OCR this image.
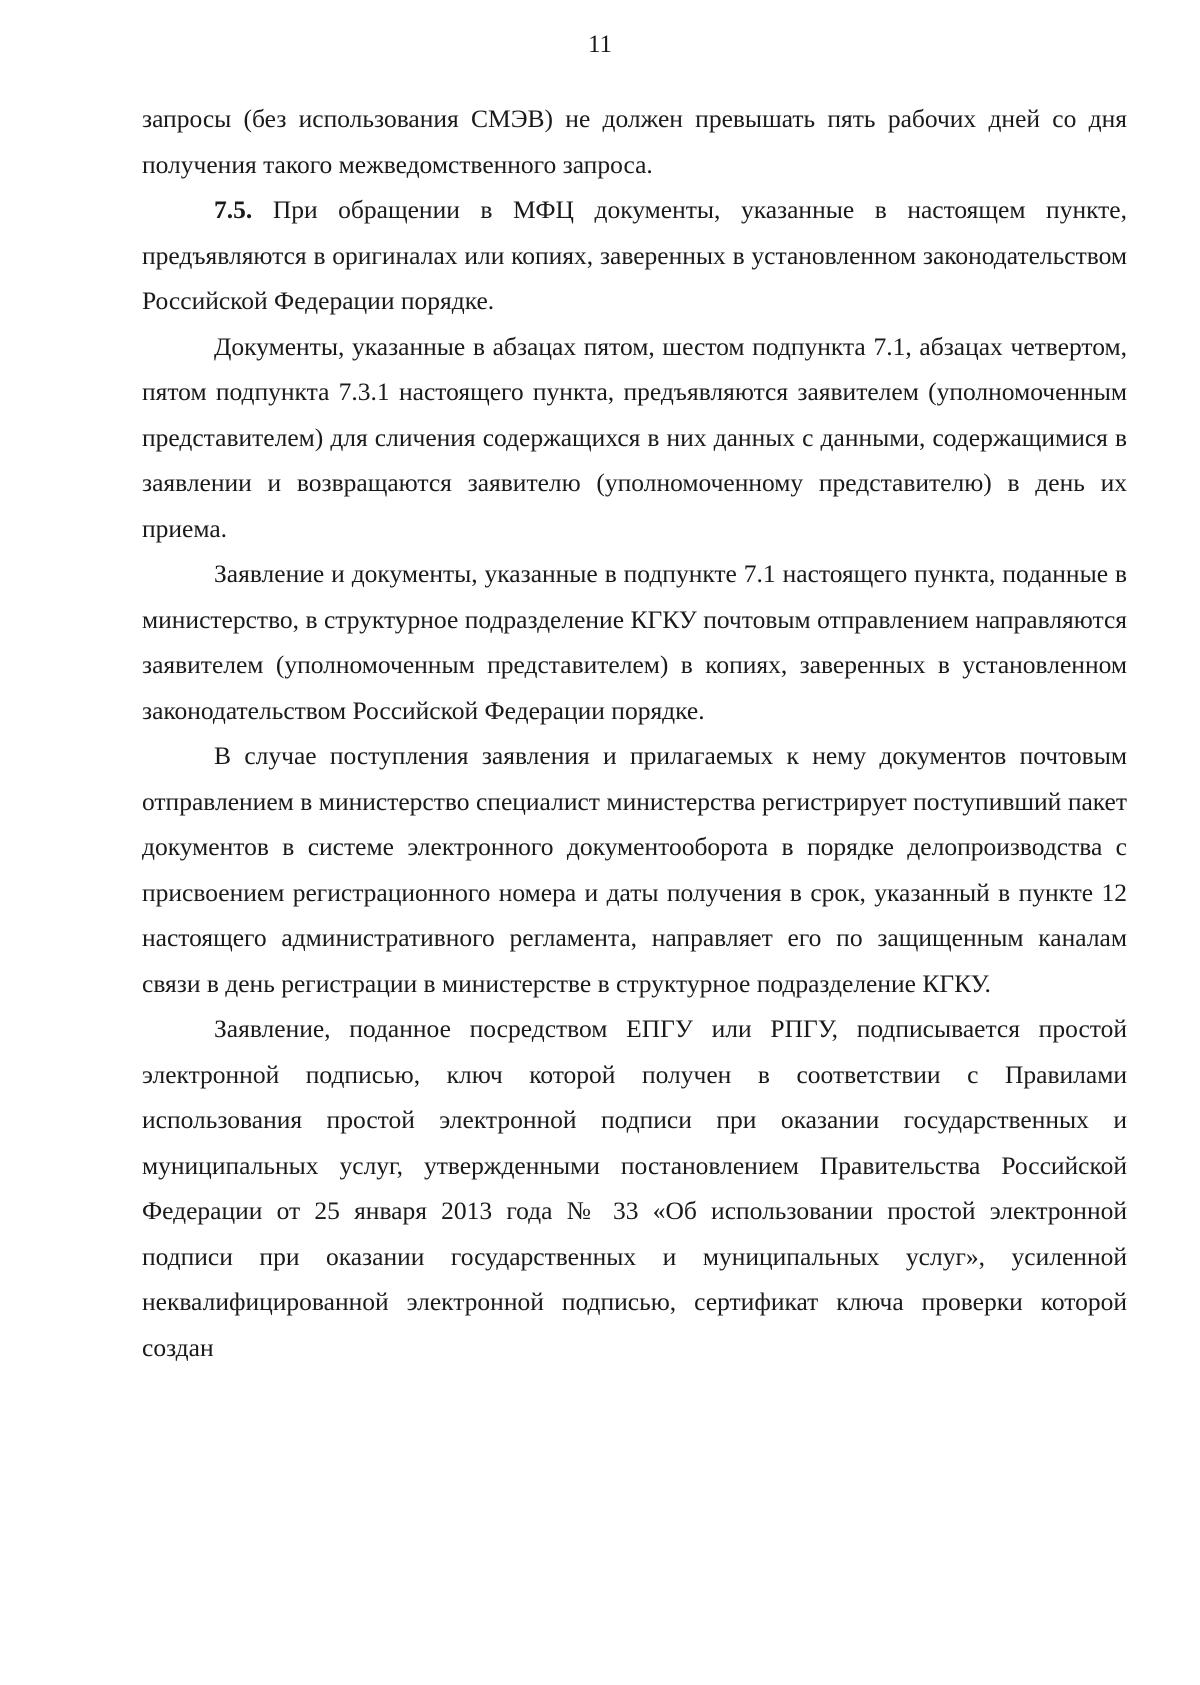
11

запросы (без использования СМЭВ) не должен превышать пять рабочих дней со дня получения такого межведомственного запроса.

7.5. При обращении в МФЦ документы, указанные в настоящем пункте, предъявляются в оригиналах или копиях, заверенных в установленном законодательством Российской Федерации порядке.

Документы, указанные в абзацах пятом, шестом подпункта 7.1, абзацах четвертом, пятом подпункта 7.3.1 настоящего пункта, предъявляются заявителем (уполномоченным представителем) для сличения содержащихся в них данных с данными, содержащимися в заявлении и возвращаются заявителю (уполномоченному представителю) в день их приема.

Заявление и документы, указанные в подпункте 7.1 настоящего пункта, поданные в министерство, в структурное подразделение КГКУ почтовым отправлением направляются заявителем (уполномоченным представителем) в копиях, заверенных в установленном законодательством Российской Федерации порядке.

В случае поступления заявления и прилагаемых к нему документов почтовым отправлением в министерство специалист министерства регистрирует поступивший пакет документов в системе электронного документооборота в порядке делопроизводства с присвоением регистрационного номера и даты получения в срок, указанный в пункте 12 настоящего административного регламента, направляет его по защищенным каналам связи в день регистрации в министерстве в структурное подразделение КГКУ.

Заявление, поданное посредством ЕПГУ или РПГУ, подписывается простой электронной подписью, ключ которой получен в соответствии с Правилами использования простой электронной подписи при оказании государственных и муниципальных услуг, утвержденными постановлением Правительства Российской Федерации от 25 января 2013 года № 33 «Об использовании простой электронной подписи при оказании государственных и муниципальных услуг», усиленной неквалифицированной электронной подписью, сертификат ключа проверки которой создан
